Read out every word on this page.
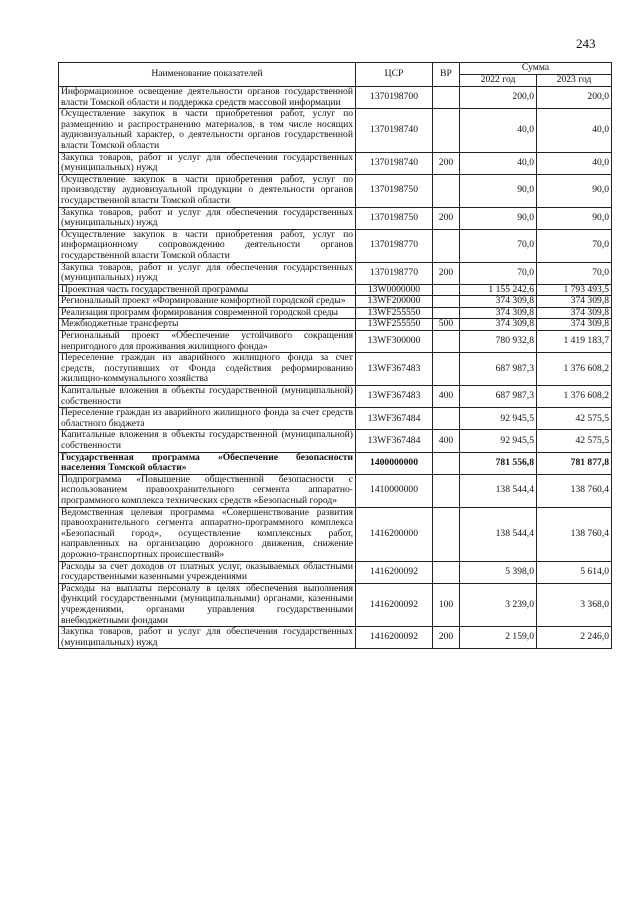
243
Наименование показателей	ЦСР	ВР	Сумма	
			2022 год	2023 год
Информационное освещение деятельности органов государственной власти Томской области и поддержка средств массовой информации	1370198700		200,0	200,0
Осуществление закупок в части приобретения работ, услуг по размещению и распространению материалов, в том числе носящих аудиовизуальный характер, о деятельности органов государственной власти Томской области	1370198740		40,0	40,0
Закупка товаров, работ и услуг для обеспечения государственных (муниципальных) нужд	1370198740	200	40,0	40,0
Осуществление закупок в части приобретения работ, услуг по производству аудиовизуальной продукции о деятельности органов государственной власти Томской области	1370198750		90,0	90,0
Закупка товаров, работ и услуг для обеспечения государственных (муниципальных) нужд	1370198750	200	90,0	90,0
Осуществление закупок в части приобретения работ, услуг по информационному сопровождению деятельности органов государственной власти Томской области	1370198770		70,0	70,0
Закупка товаров, работ и услуг для обеспечения государственных (муниципальных) нужд	1370198770	200	70,0	70,0
Проектная часть государственной программы	13W0000000		1 155 242,6	1 793 493,5
Региональный проект «Формирование комфортной городской среды»	13WF200000		374 309,8	374 309,8
Реализация программ формирования современной городской среды	13WF255550		374 309,8	374 309,8
Межбюджетные трансферты	13WF255550	500	374 309,8	374 309,8
Региональный проект «Обеспечение устойчивого сокращения непригодного для проживания жилищного фонда»	13WF300000		780 932,8	1 419 183,7
Переселение граждан из аварийного жилищного фонда за счет средств, поступивших от Фонда содействия реформированию жилищно-коммунального хозяйства	13WF367483		687 987,3	1 376 608,2
Капитальные вложения в объекты государственной (муниципальной) собственности	13WF367483	400	687 987,3	1 376 608,2
Переселение граждан из аварийного жилищного фонда за счет средств областного бюджета	13WF367484		92 945,5	42 575,5
Капитальные вложения в объекты государственной (муниципальной) собственности	13WF367484	400	92 945,5	42 575,5
Государственная программа «Обеспечение безопасности населения Томской области»	1400000000		781 556,8	781 877,8
Подпрограмма «Повышение общественной безопасности с использованием правоохранительного сегмента аппаратно-программного комплекса технических средств «Безопасный город»	1410000000		138 544,4	138 760,4
Ведомственная целевая программа «Совершенствование развития правоохранительного сегмента аппаратно-программного комплекса «Безопасный город», осуществление комплексных работ, направленных на организацию дорожного движения, снижение дорожно-транспортных происшествий»	1416200000		138 544,4	138 760,4
Расходы за счет доходов от платных услуг, оказываемых областными государственными казенными учреждениями	1416200092		5 398,0	5 614,0
Расходы на выплаты персоналу в целях обеспечения выполнения функций государственными (муниципальными) органами, казенными учреждениями, органами управления государственными внебюджетными фондами	1416200092	100	3 239,0	3 368,0
Закупка товаров, работ и услуг для обеспечения государственных (муниципальных) нужд	1416200092	200	2 159,0	2 246,0
